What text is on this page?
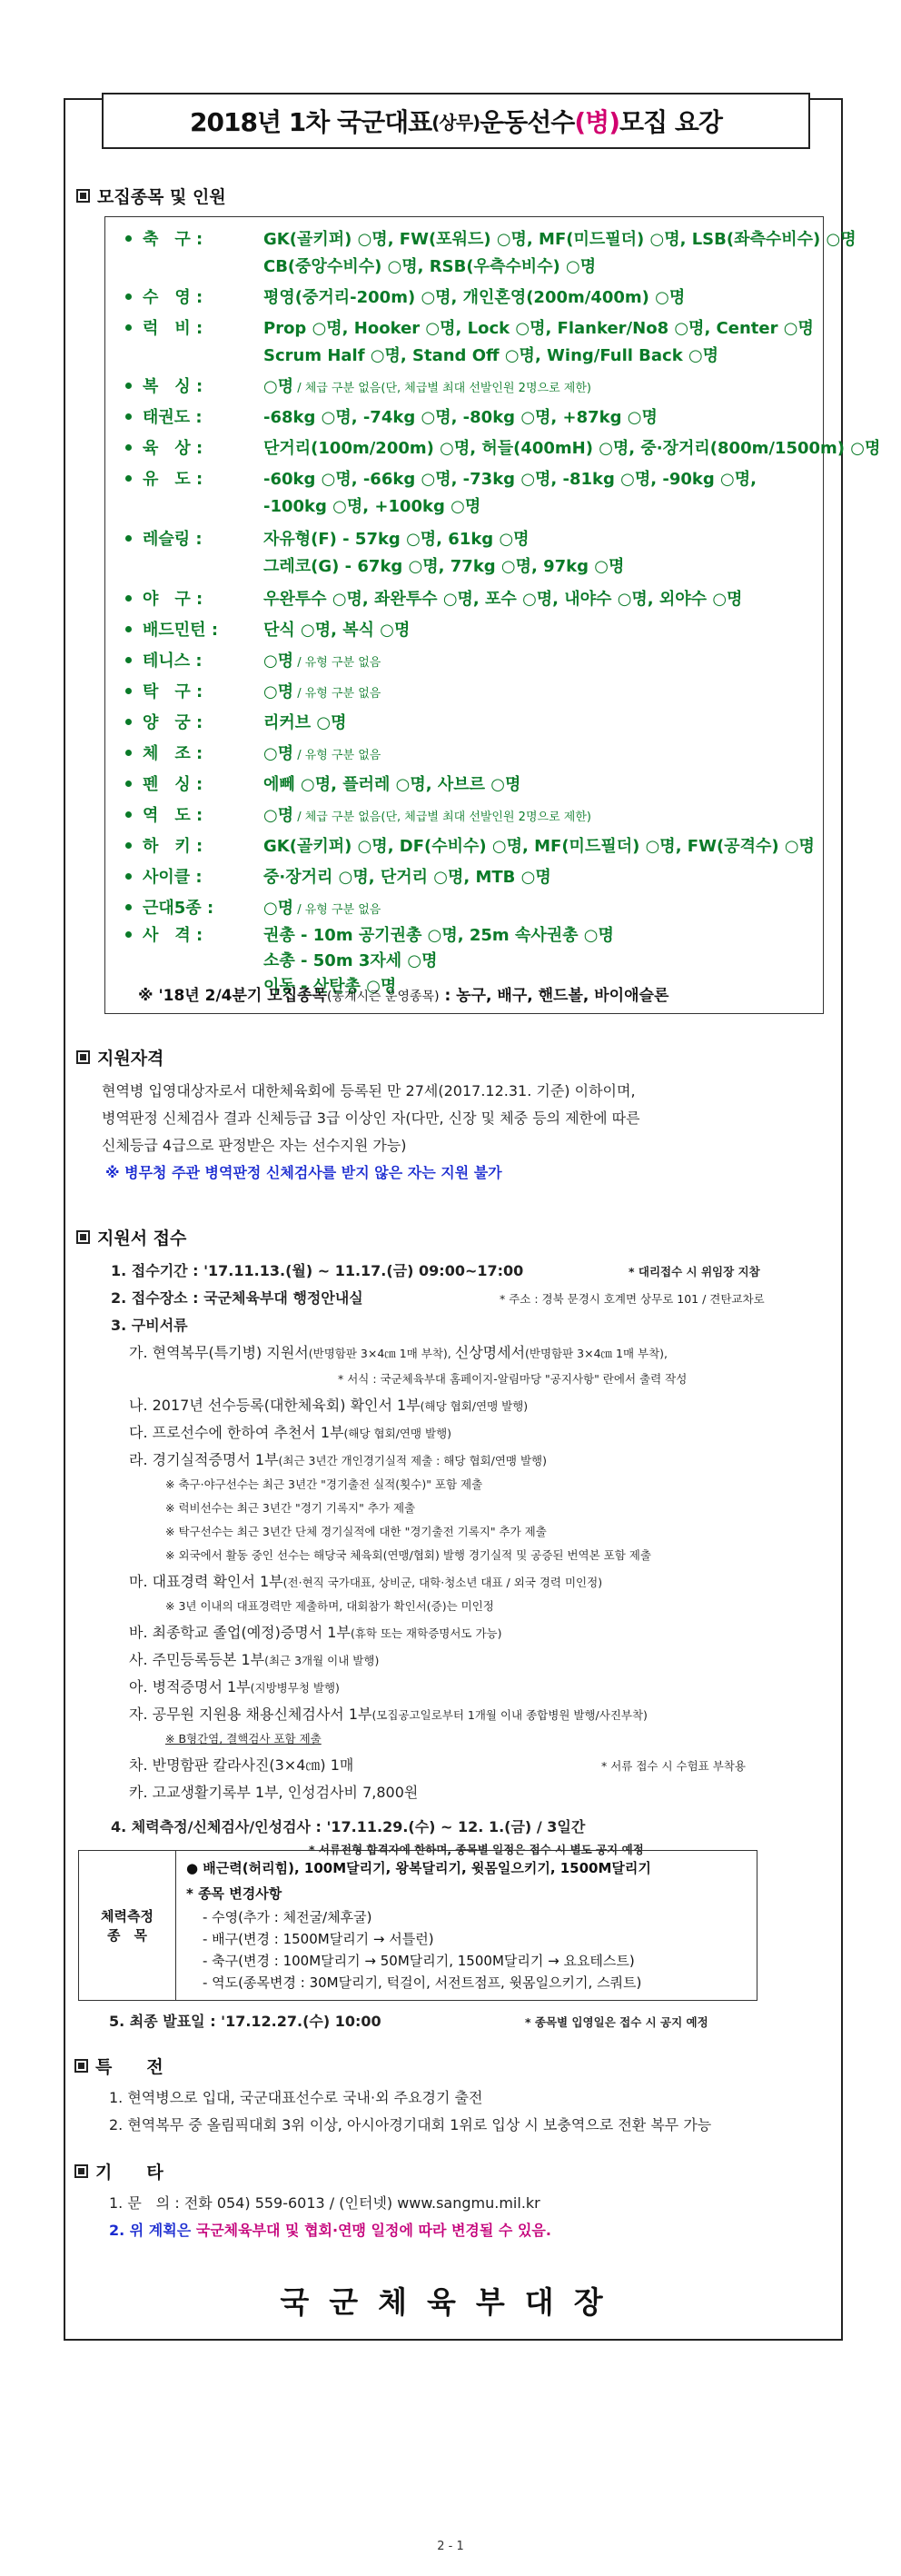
2018년 1차 국군대표 (상무) 운동선수 (병) 모집 요강
모집종목 및 인원
축　구 :	GK(골키퍼) ○명, FW(포워드) ○명, MF(미드필더) ○명, LSB(좌측수비수) ○명
CB(중앙수비수) ○명, RSB(우측수비수) ○명
수　영 :	평영(중거리-200m) ○명, 개인혼영(200m/400m) ○명
럭　비 :	Prop ○명, Hooker ○명, Lock ○명, Flanker/No8 ○명, Center ○명
Scrum Half ○명, Stand Off ○명, Wing/Full Back ○명
복　싱 :	○명 / 체급 구분 없음(단, 체급별 최대 선발인원 2명으로 제한)
태권도 :	-68kg ○명, -74kg ○명, -80kg ○명, +87kg ○명
육　상 :	단거리(100m/200m) ○명, 허들(400mH) ○명, 중·장거리(800m/1500m) ○명
유　도 :	-60kg ○명, -66kg ○명, -73kg ○명, -81kg ○명, -90kg ○명,
-100kg ○명, +100kg ○명
레슬링 :	자유형(F) - 57kg ○명, 61kg ○명
그레코(G) - 67kg ○명, 77kg ○명, 97kg ○명
야　구 :	우완투수 ○명, 좌완투수 ○명, 포수 ○명, 내야수 ○명, 외야수 ○명
배드민턴 :	단식 ○명, 복식 ○명
테니스 :	○명 / 유형 구분 없음
탁　구 :	○명 / 유형 구분 없음
양　궁 :	리커브 ○명
체　조 :	○명 / 유형 구분 없음
펜　싱 :	에뻬 ○명, 플러레 ○명, 사브르 ○명
역　도 :	○명 / 체급 구분 없음(단, 체급별 최대 선발인원 2명으로 제한)
하　키 :	GK(골키퍼) ○명, DF(수비수) ○명, MF(미드필더) ○명, FW(공격수) ○명
사이클 :	중·장거리 ○명, 단거리 ○명, MTB ○명
근대5종 :	○명 / 유형 구분 없음
사　격 :	권총 - 10m 공기권총 ○명, 25m 속사권총 ○명
소총 - 50m 3자세 ○명
이동 - 산탄총 ○명
※ '18년 2/4분기 모집종목(동계시즌 운영종목) : 농구, 배구, 핸드볼, 바이애슬론
지원자격
현역병 입영대상자로서 대한체육회에 등록된 만 27세(2017.12.31. 기준) 이하이며,
병역판정 신체검사 결과 신체등급 3급 이상인 자(다만, 신장 및 체중 등의 제한에 따른
신체등급 4급으로 판정받은 자는 선수지원 가능)
※ 병무청 주관 병역판정 신체검사를 받지 않은 자는 지원 불가
지원서 접수
1. 접수기간 : '17.11.13.(월) ~ 11.17.(금) 09:00~17:00	* 대리접수 시 위임장 지참
2. 접수장소 : 국군체육부대 행정안내실	* 주소 : 경북 문경시 호계면 상무로 101 / 견탄교차로
3. 구비서류
가. 현역복무(특기병) 지원서(반명함판 3×4㎝ 1매 부착), 신상명세서(반명함판 3×4㎝ 1매 부착),
* 서식 : 국군체육부대 홈페이지-알림마당 "공지사항" 란에서 출력 작성
나. 2017년 선수등록(대한체육회) 확인서 1부(해당 협회/연맹 발행)
다. 프로선수에 한하여 추천서 1부(해당 협회/연맹 발행)
라. 경기실적증명서 1부(최근 3년간 개인경기실적 제출 : 해당 협회/연맹 발행)
※ 축구·야구선수는 최근 3년간 "경기출전 실적(횟수)" 포함 제출
※ 럭비선수는 최근 3년간 "경기 기록지" 추가 제출
※ 탁구선수는 최근 3년간 단체 경기실적에 대한 "경기출전 기록지" 추가 제출
※ 외국에서 활동 중인 선수는 해당국 체육회(연맹/협회) 발행 경기실적 및 공증된 번역본 포함 제출
마. 대표경력 확인서 1부(전·현직 국가대표, 상비군, 대학·청소년 대표 / 외국 경력 미인정)
※ 3년 이내의 대표경력만 제출하며, 대회참가 확인서(증)는 미인정
바. 최종학교 졸업(예정)증명서 1부(휴학 또는 재학증명서도 가능)
사. 주민등록등본 1부(최근 3개월 이내 발행)
아. 병적증명서 1부(지방병무청 발행)
자. 공무원 지원용 채용신체검사서 1부(모집공고일로부터 1개월 이내 종합병원 발행/사진부착)
※ B형간염, 결핵검사 포함 제출
차. 반명함판 칼라사진(3×4㎝) 1매	* 서류 접수 시 수험표 부착용
카. 고교생활기록부 1부, 인성검사비 7,800원
4. 체력측정/신체검사/인성검사 : '17.11.29.(수) ~ 12. 1.(금) / 3일간
* 서류전형 합격자에 한하며, 종목별 일정은 접수 시 별도 공지 예정
체력측정
종　목
● 배근력(허리힘), 100M달리기, 왕복달리기, 윗몸일으키기, 1500M달리기
* 종목 변경사항
- 수영(추가 : 체전굴/체후굴)
- 배구(변경 : 1500M달리기 → 서틀런)
- 축구(변경 : 100M달리기 → 50M달리기, 1500M달리기 → 요요테스트)
- 역도(종목변경 : 30M달리기, 턱걸이, 서전트점프, 윗몸일으키기, 스쿼트)
5. 최종 발표일 : '17.12.27.(수) 10:00	* 종목별 입영일은 접수 시 공지 예정
특　　전
1. 현역병으로 입대, 국군대표선수로 국내·외 주요경기 출전
2. 현역복무 중 올림픽대회 3위 이상, 아시아경기대회 1위로 입상 시 보충역으로 전환 복무 가능
기　　타
1. 문　의 : 전화 054) 559-6013 / (인터넷) www.sangmu.mil.kr
2. 위 계획은 국군체육부대 및 협회·연맹 일정에 따라 변경될 수 있음.
국군체육부대장
2 - 1
